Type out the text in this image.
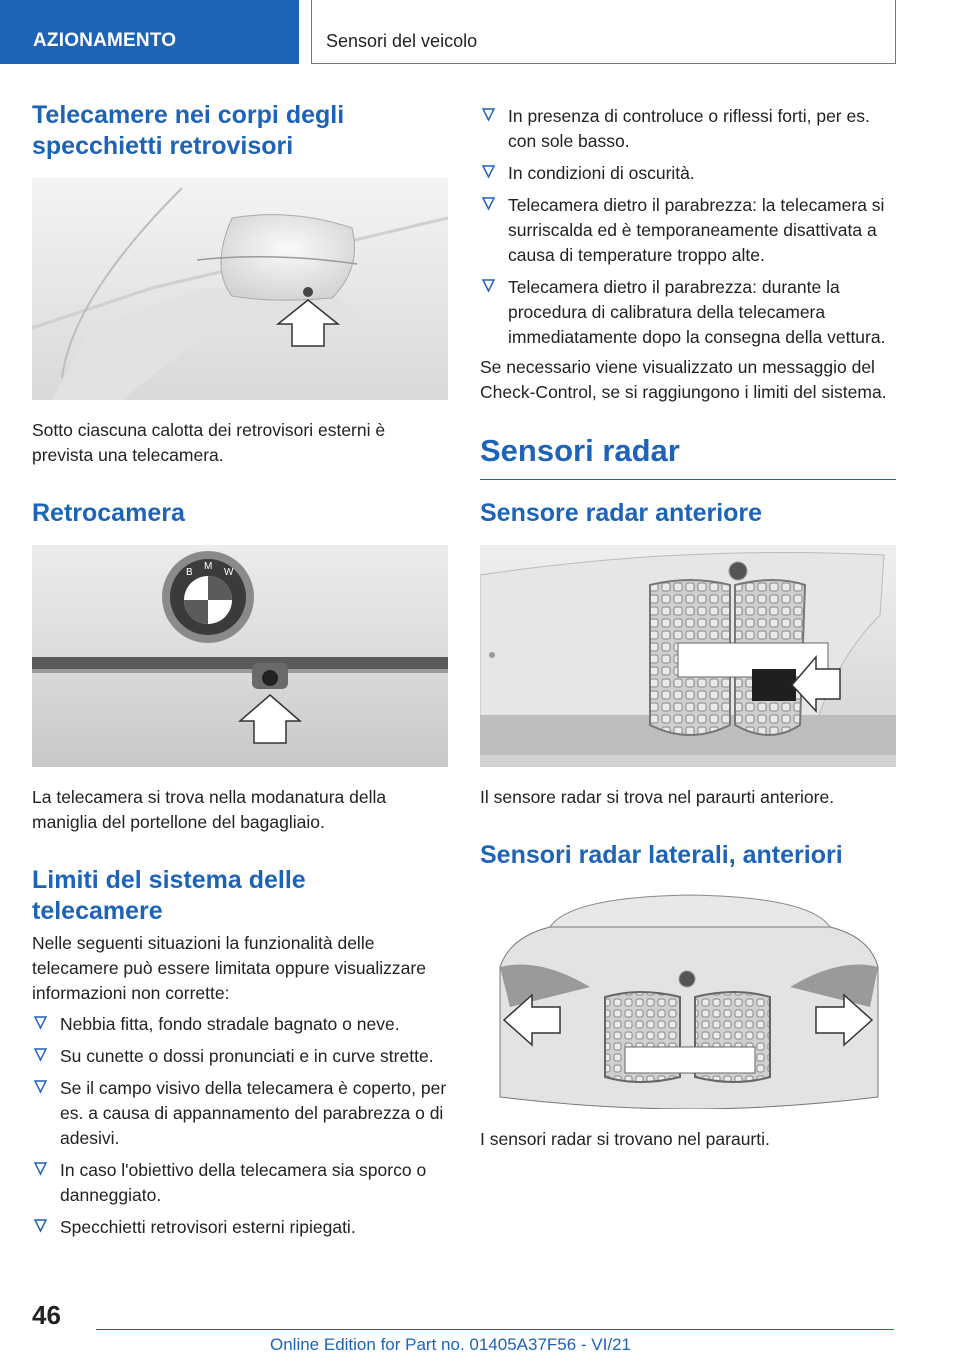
AZIONAMENTO	Sensori del veicolo
Telecamere nei corpi degli specchietti retrovisori

Sotto ciascuna calotta dei retrovisori esterni è prevista una telecamera.

Retrocamera
B
M
W

La telecamera si trova nella modanatura della maniglia del portellone del bagagliaio.

Limiti del sistema delle telecamere

Nelle seguenti situazioni la funzionalità delle telecamere può essere limitata oppure visualizzare informazioni non corrette:

Nebbia fitta, fondo stradale bagnato o neve.
Su cunette o dossi pronunciati e in curve strette.
Se il campo visivo della telecamera è coperto, per es. a causa di appannamento del parabrezza o di adesivi.
In caso l'obiettivo della telecamera sia sporco o danneggiato.
Specchietti retrovisori esterni ripiegati.
In presenza di controluce o riflessi forti, per es. con sole basso.
In condizioni di oscurità.
Telecamera dietro il parabrezza: la telecamera si surriscalda ed è temporaneamente disattivata a causa di temperature troppo alte.
Telecamera dietro il parabrezza: durante la procedura di calibratura della telecamera immediatamente dopo la consegna della vettura.

Se necessario viene visualizzato un messaggio del Check-Control, se si raggiungono i limiti del sistema.

Sensori radar
Sensore radar anteriore

Il sensore radar si trova nel paraurti anteriore.

Sensori radar laterali, anteriori

I sensori radar si trovano nel paraurti.

46
Online Edition for Part no. 01405A37F56 - VI/21
